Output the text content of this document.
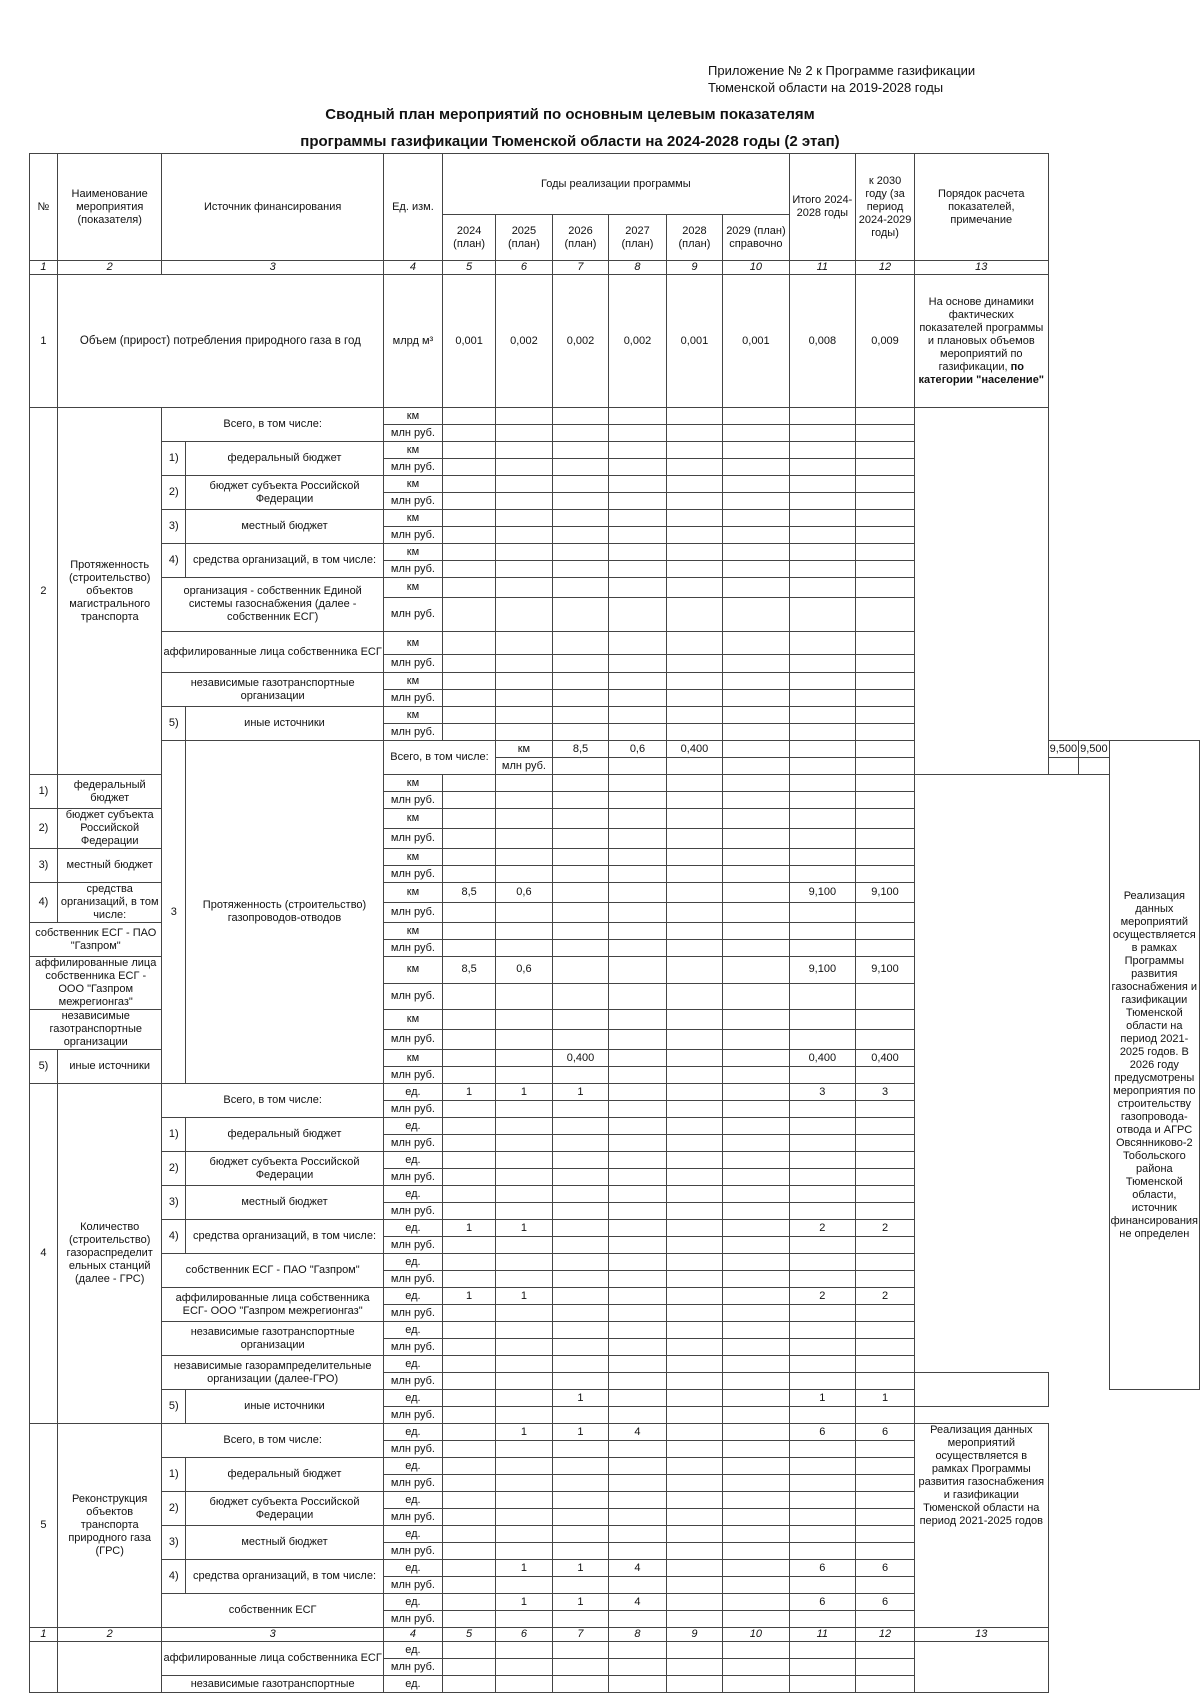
Приложение № 2 к Программе газификации
Тюменской области на 2019-2028 годы
Сводный план мероприятий по основным целевым показателям
программы газификации Тюменской области на 2024-2028 годы (2 этап)
№	Наименование мероприятия (показателя)	Источник финансирования		Ед. изм.	Годы реализации программы						Итого 2024-2028 годы	к 2030 году (за период 2024-2029 годы)	Порядок расчета показателей, примечание			
					2024 (план)	2025 (план)	2026 (план)	2027 (план)	2028 (план)	2029 (план) справочно						
1	2	3		4	5	6	7	8	9	10	11	12	13			
1	Объем (прирост) потребления природного газа в год			млрд м³	0,001	0,002	0,002	0,002	0,001	0,001	0,008	0,009	На основе динамики фактических показателей программы и плановых объемов мероприятий по газификации, по категории "население"			
2	Протяженность (строительство) объектов магистрального транспорта	Всего, в том числе:		км												
				млн руб.												
		1)	федеральный бюджет	км												
				млн руб.												
		2)	бюджет субъекта Российской Федерации	км												
				млн руб.												
		3)	местный бюджет	км												
				млн руб.												
		4)	средства организаций, в том числе:	км												
				млн руб.												
		организация - собственник Единой системы газоснабжения (далее - собственник ЕСГ)		км												
				млн руб.												
		аффилированные лица собственника ЕСГ		км												
				млн руб.												
		независимые газотранспортные организации		км												
				млн руб.												
		5)	иные источники	км												
				млн руб.												
		3	Протяженность (строительство) газопроводов-отводов	Всего, в том числе:		км	8,5	0,6	0,400					9,500	9,500	Реализация данных мероприятий осуществляется в рамках Программы развития газоснабжения и газификации Тюменской области на период 2021-2025 годов. В 2026 году предусмотрены мероприятия по строительству газопровода-отвода и АГРС Овсянниково-2 Тобольского района Тюменской области, источник финансирования не определен
						млн руб.										
1)	федеральный бюджет			км												
				млн руб.												
2)	бюджет субъекта Российской Федерации			км												
				млн руб.												
3)	местный бюджет			км												
				млн руб.												
4)	средства организаций, в том числе:			км	8,5	0,6					9,100	9,100				
				млн руб.												
собственник ЕСГ - ПАО "Газпром"				км												
				млн руб.												
аффилированные лица собственника ЕСГ - ООО "Газпром межрегионгаз"				км	8,5	0,6					9,100	9,100				
				млн руб.												
независимые газотранспортные организации				км												
				млн руб.												
5)	иные источники			км			0,400				0,400	0,400				
				млн руб.												
4	Количество (строительство) газораспределит ельных станций (далее - ГРС)	Всего, в том числе:		ед.	1	1	1				3	3				
				млн руб.												
		1)	федеральный бюджет	ед.												
				млн руб.												
		2)	бюджет субъекта Российской Федерации	ед.												
				млн руб.												
		3)	местный бюджет	ед.												
				млн руб.												
		4)	средства организаций, в том числе:	ед.	1	1					2	2				
				млн руб.												
		собственник ЕСГ - ПАО "Газпром"		ед.												
				млн руб.												
		аффилированные лица собственника ЕСГ- ООО "Газпром межрегионгаз"		ед.	1	1					2	2				
				млн руб.												
		независимые газотранспортные организации		ед.												
				млн руб.												
		независимые газорампределительные организации (далее-ГРО)		ед.												
				млн руб.												
		5)	иные источники	ед.			1				1	1				
				млн руб.												
5	Реконструкция объектов транспорта природного газа (ГРС)	Всего, в том числе:		ед.		1	1	4			6	6	Реализация данных мероприятий осуществляется в рамках Программы развития газоснабжения и газификации Тюменской области на период 2021-2025 годов			
				млн руб.												
		1)	федеральный бюджет	ед.												
				млн руб.												
		2)	бюджет субъекта Российской Федерации	ед.												
				млн руб.												
		3)	местный бюджет	ед.												
				млн руб.												
		4)	средства организаций, в том числе:	ед.		1	1	4			6	6				
				млн руб.												
		собственник ЕСГ		ед.		1	1	4			6	6				
				млн руб.												
1	2	3		4	5	6	7	8	9	10	11	12	13			
		аффилированные лица собственника ЕСГ		ед.												
				млн руб.												
		независимые газотранспортные		ед.												
